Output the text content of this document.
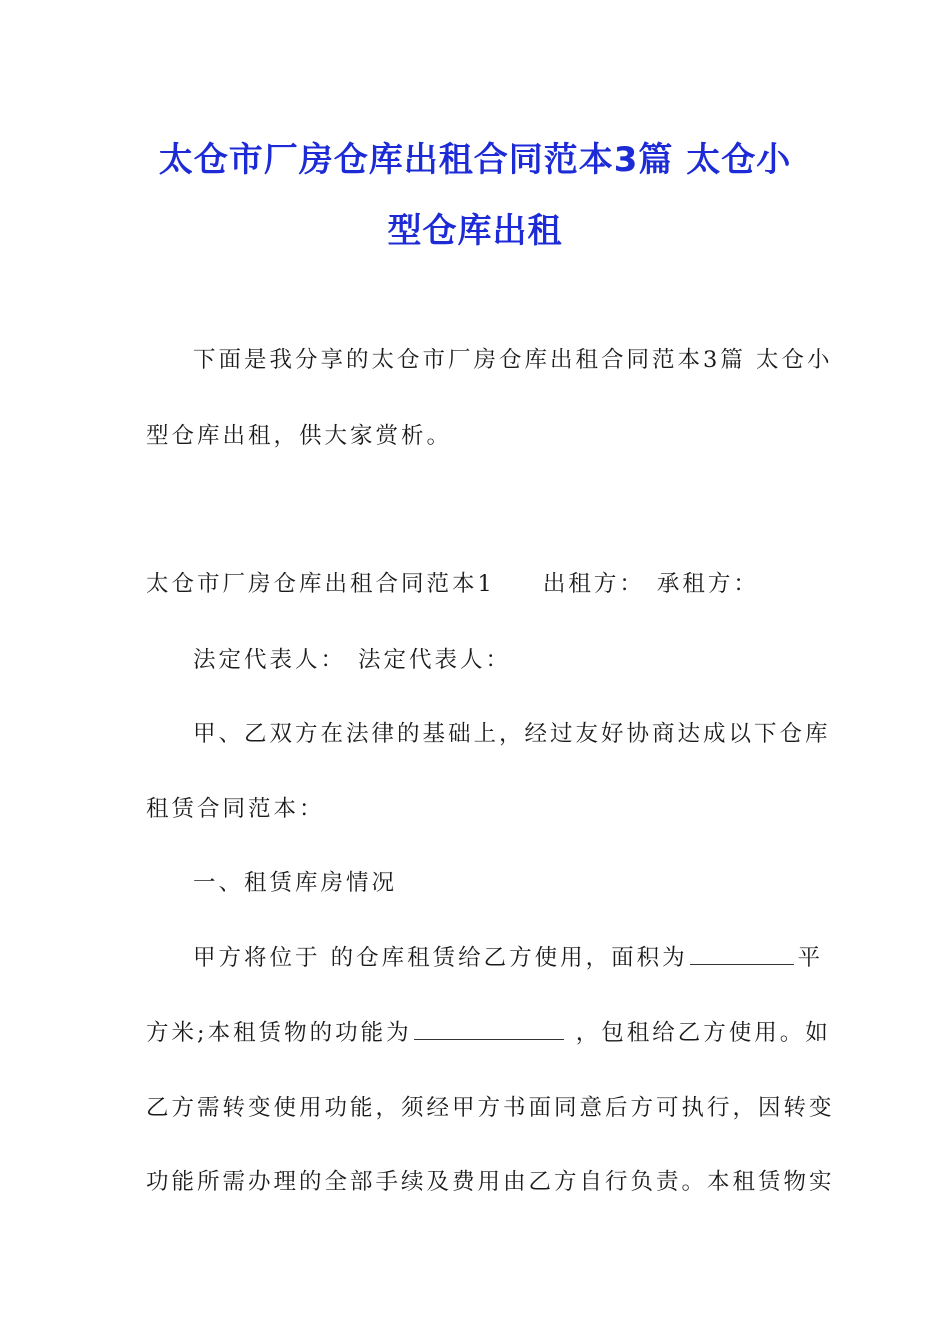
太仓市厂房仓库出租合同范本3篇 太仓小
型仓库出租

下面是我分享的太仓市厂房仓库出租合同范本3篇 太仓小

型仓库出租，供大家赏析。

太仓市厂房仓库出租合同范本1 出租方： 承租方：

法定代表人： 法定代表人：

甲、乙双方在法律的基础上，经过友好协商达成以下仓库

租赁合同范本：

一、租赁库房情况

甲方将位于 的仓库租赁给乙方使用，面积为	平

方米;本租赁物的功能为	，包租给乙方使用。如

乙方需转变使用功能，须经甲方书面同意后方可执行，因转变

功能所需办理的全部手续及费用由乙方自行负责。本租赁物实
